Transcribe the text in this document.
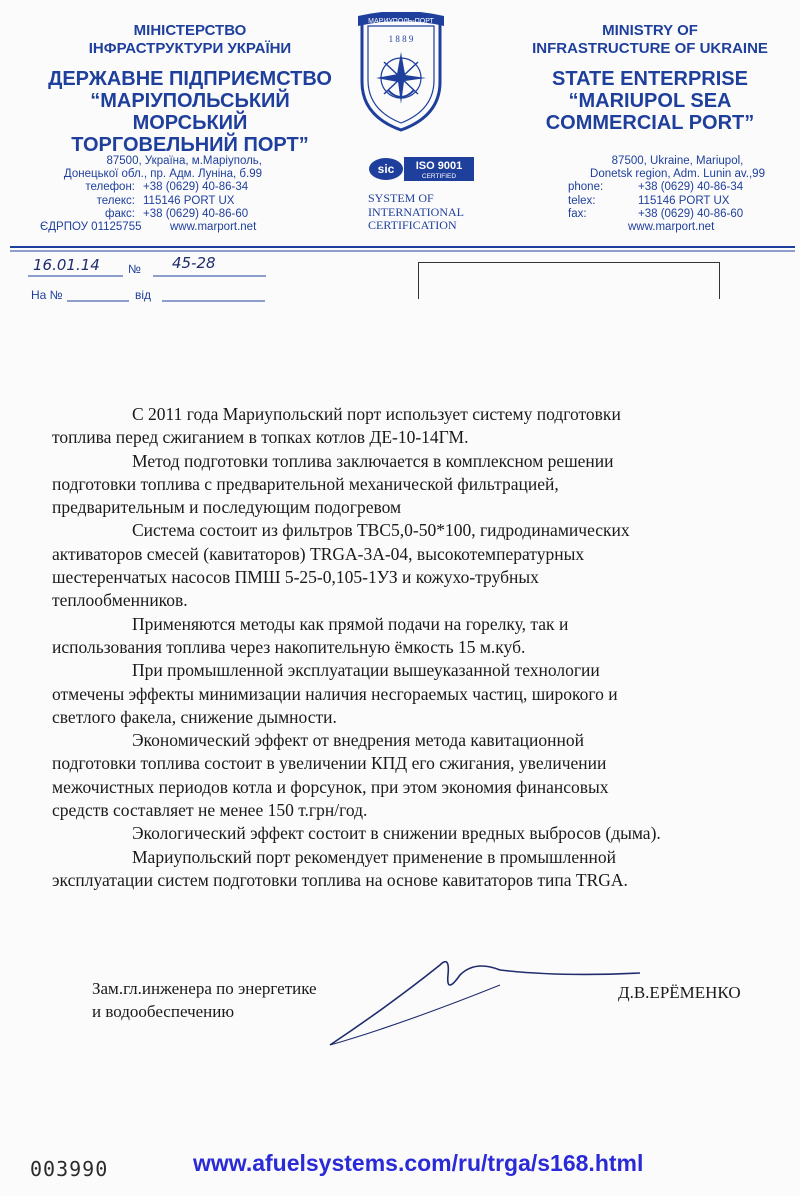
МІНІСТЕРСТВО
ІНФРАСТРУКТУРИ УКРАЇНИ
ДЕРЖАВНЕ ПІДПРИЄМСТВО
“МАРІУПОЛЬСЬКИЙ МОРСЬКИЙ
ТОРГОВЕЛЬНИЙ ПОРТ”
MINISTRY OF
INFRASTRUCTURE OF UKRAINE
STATE ENTERPRISE
“MARIUPOL SEA
COMMERCIAL PORT”
МАРИУПОЛЬ-ПОРТ
1 8 8 9
87500, Україна, м.Маріуполь,
Донецької обл., пр. Адм. Луніна, б.99
телефон: +38 (0629) 40-86-34
телекс: 115146 PORT UX
факс: +38 (0629) 40-86-60
ЄДРПОУ 01125755	www.marport.net
sic ISO 9001
CERTIFIED
SYSTEM OF
INTERNATIONAL
CERTIFICATION
87500, Ukraine, Mariupol,
Donetsk region, Adm. Lunin av.,99
phone:	+38 (0629) 40-86-34
telex:	115146 PORT UX
fax:	+38 (0629) 40-86-60
www.marport.net
16.01.14 № 45-28
На №	від

С 2011 года Мариупольский порт использует систему подготовки
топлива перед сжиганием в топках котлов ДЕ-10-14ГМ.

Метод подготовки топлива заключается в комплексном решении
подготовки топлива с предварительной механической фильтрацией,
предварительным и последующим подогревом

Система состоит из фильтров ТВС5,0-50*100, гидродинамических
активаторов смесей (кавитаторов) TRGA-3A-04, высокотемпературных
шестеренчатых насосов ПМШ 5-25-0,105-1УЗ и кожухо-трубных
теплообменников.

Применяются методы как прямой подачи на горелку, так и
использования топлива через накопительную ёмкость 15 м.куб.

При промышленной эксплуатации вышеуказанной технологии
отмечены эффекты минимизации наличия несгораемых частиц, широкого и
светлого факела, снижение дымности.

Экономический эффект от внедрения метода кавитационной
подготовки топлива состоит в увеличении КПД его сжигания, увеличении
межочистных периодов котла и форсунок, при этом экономия финансовых
средств составляет не менее 150 т.грн/год.

Экологический эффект состоит в снижении вредных выбросов (дыма).

Мариупольский порт рекомендует применение в промышленной
эксплуатации систем подготовки топлива на основе кавитаторов типа TRGA.

Зам.гл.инженера по энергетике
и водообеспечению
Д.В.ЕРЁМЕНКО
003990	www.afuelsystems.com/ru/trga/s168.html
